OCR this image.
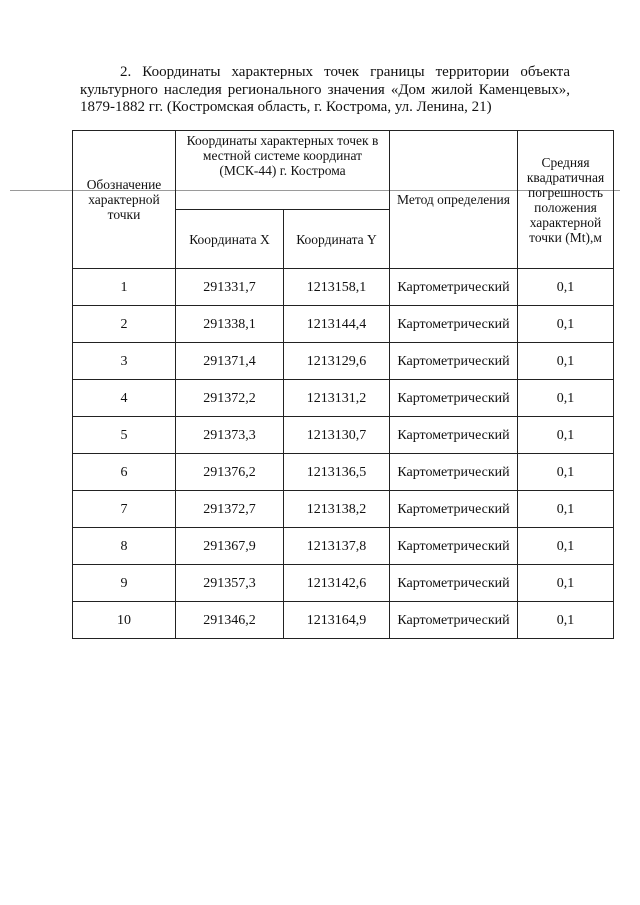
2. Координаты характерных точек границы территории объекта культурного наследия регионального значения «Дом жилой Каменцевых», 1879-1882 гг. (Костромская область, г. Кострома, ул. Ленина, 21)
Обозначение характерной точки	Координаты характерных точек в местной системе координат (МСК-44) г. Кострома		Метод определения	Средняя квадратичная погрешность положения характерной точки (Mt),м
	Координата X	Координата Y		
1	291331,7	1213158,1	Картометрический	0,1
2	291338,1	1213144,4	Картометрический	0,1
3	291371,4	1213129,6	Картометрический	0,1
4	291372,2	1213131,2	Картометрический	0,1
5	291373,3	1213130,7	Картометрический	0,1
6	291376,2	1213136,5	Картометрический	0,1
7	291372,7	1213138,2	Картометрический	0,1
8	291367,9	1213137,8	Картометрический	0,1
9	291357,3	1213142,6	Картометрический	0,1
10	291346,2	1213164,9	Картометрический	0,1
